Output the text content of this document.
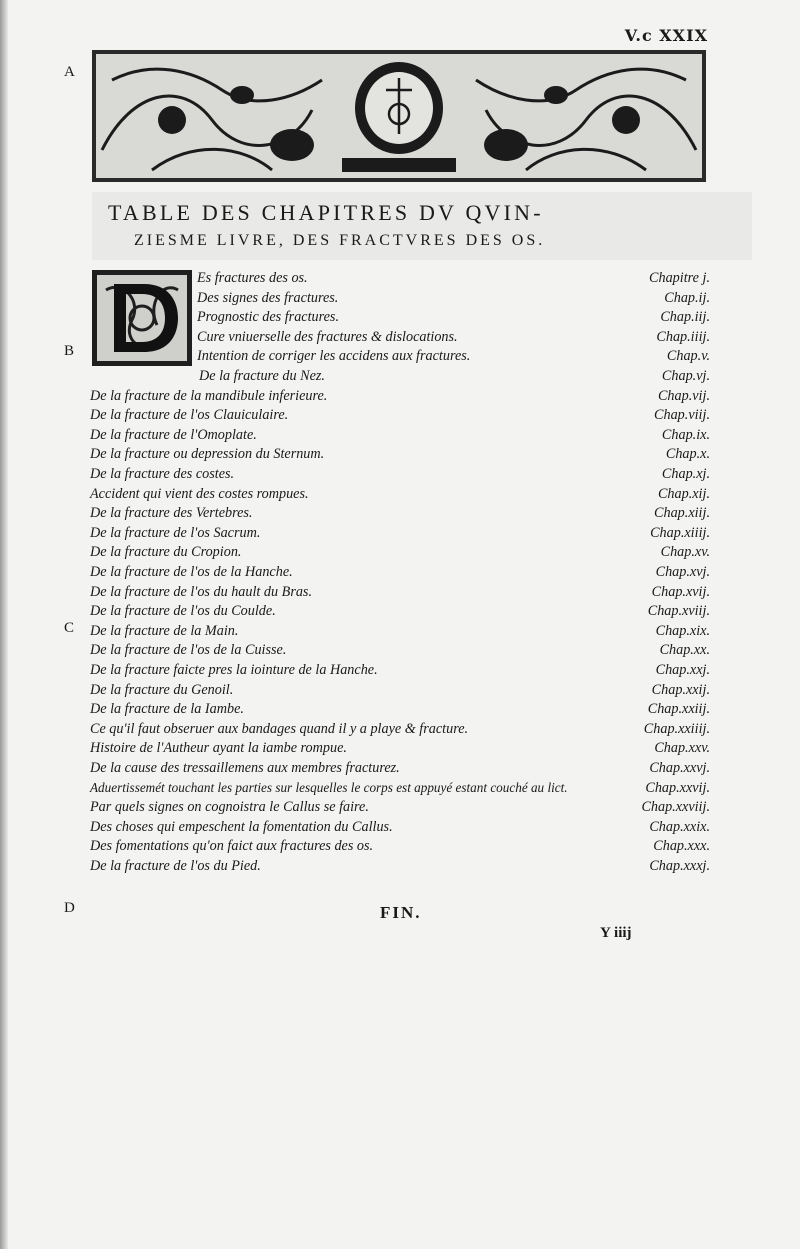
V.c XXIX
A
B
C
D
TABLE DES CHAPITRES DV QVIN-
ZIESME LIVRE, DES FRACTVRES DES OS.
Es fractures des os.	Chapitre j.
Des signes des fractures.	Chap.ij.
Prognostic des fractures.	Chap.iij.
Cure vniuerselle des fractures & dislocations.	Chap.iiij.
Intention de corriger les accidens aux fractures.	Chap.v.
De la fracture du Nez.	Chap.vj.
De la fracture de la mandibule inferieure.	Chap.vij.
De la fracture de l'os Clauiculaire.	Chap.viij.
De la fracture de l'Omoplate.	Chap.ix.
De la fracture ou depression du Sternum.	Chap.x.
De la fracture des costes.	Chap.xj.
Accident qui vient des costes rompues.	Chap.xij.
De la fracture des Vertebres.	Chap.xiij.
De la fracture de l'os Sacrum.	Chap.xiiij.
De la fracture du Cropion.	Chap.xv.
De la fracture de l'os de la Hanche.	Chap.xvj.
De la fracture de l'os du hault du Bras.	Chap.xvij.
De la fracture de l'os du Coulde.	Chap.xviij.
De la fracture de la Main.	Chap.xix.
De la fracture de l'os de la Cuisse.	Chap.xx.
De la fracture faicte pres la iointure de la Hanche.	Chap.xxj.
De la fracture du Genoil.	Chap.xxij.
De la fracture de la Iambe.	Chap.xxiij.
Ce qu'il faut obseruer aux bandages quand il y a playe & fracture.	Chap.xxiiij.
Histoire de l'Autheur ayant la iambe rompue.	Chap.xxv.
De la cause des tressaillemens aux membres fracturez.	Chap.xxvj.
Aduertissemét touchant les parties sur lesquelles le corps est appuyé estant couché au lict.	Chap.xxvij.
Par quels signes on cognoistra le Callus se faire.	Chap.xxviij.
Des choses qui empeschent la fomentation du Callus.	Chap.xxix.
Des fomentations qu'on faict aux fractures des os.	Chap.xxx.
De la fracture de l'os du Pied.	Chap.xxxj.
FIN.
Y iiij
